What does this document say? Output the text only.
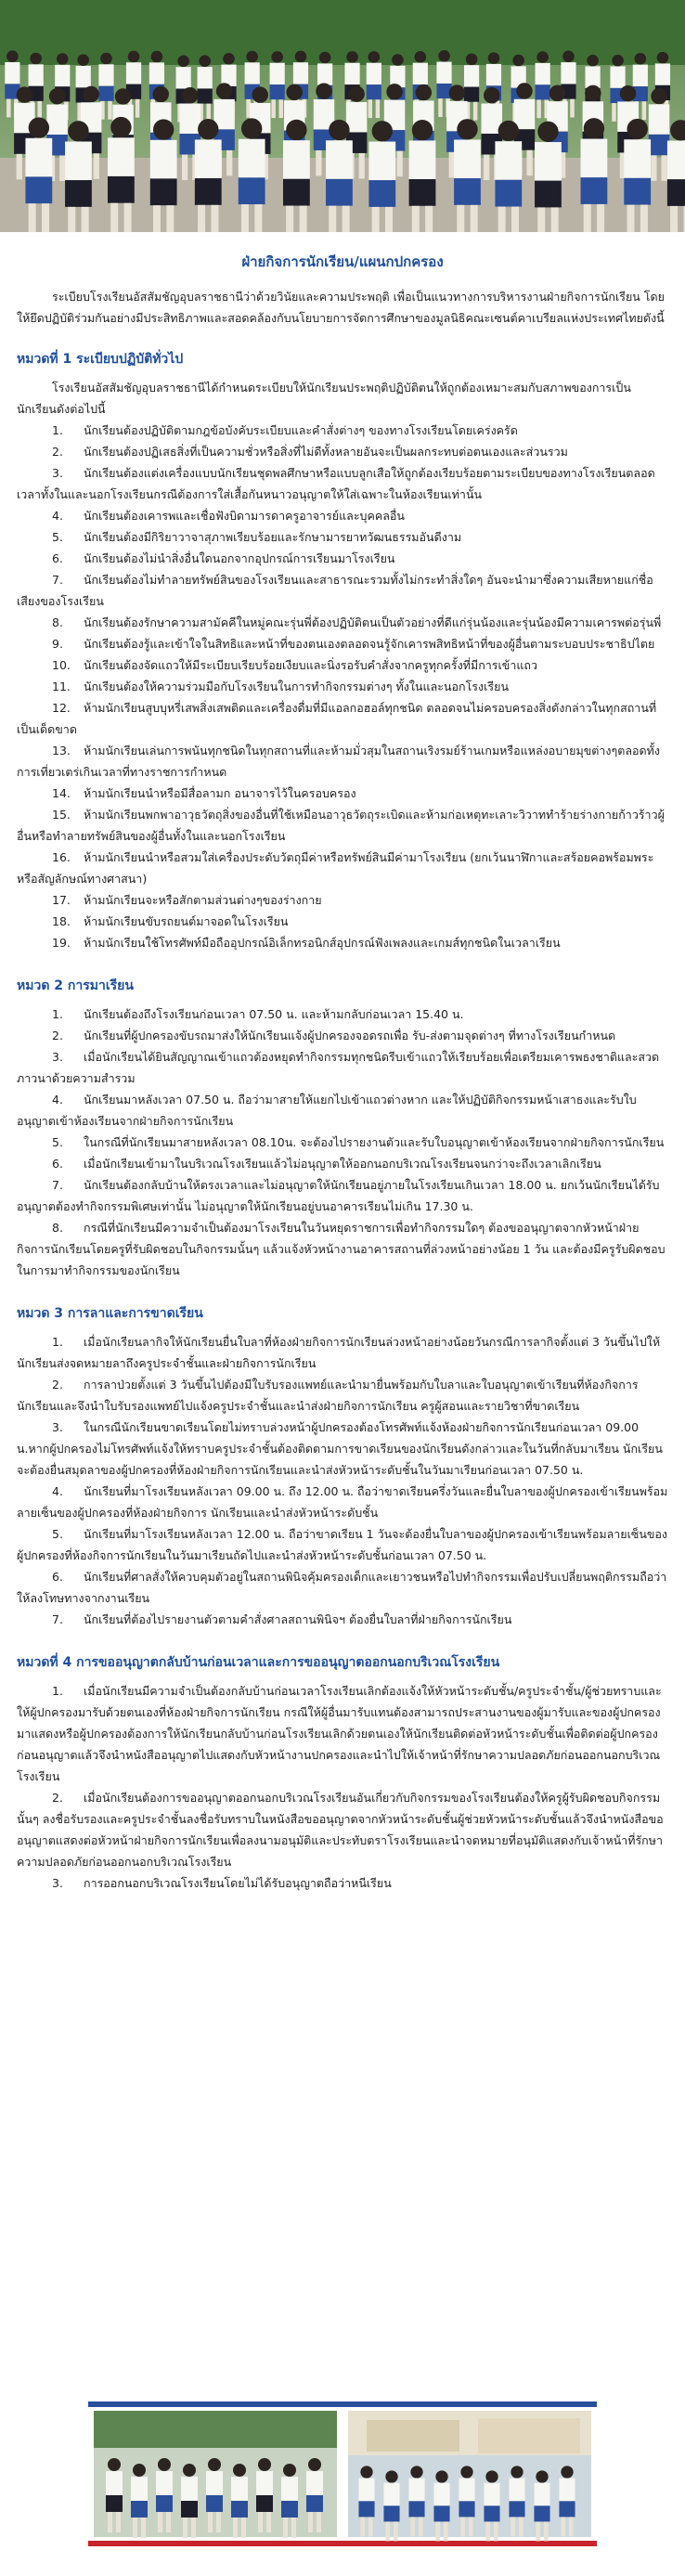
ฝ่ายกิจการนักเรียน/แผนกปกครอง

ระเบียบโรงเรียนอัสสัมชัญอุบลราชธานีว่าด้วยวินัยและความประพฤติ เพื่อเป็นแนวทางการบริหารงานฝ่ายกิจการนักเรียน โดยให้ยึดปฏิบัติร่วมกันอย่างมีประสิทธิภาพและสอดคล้องกับนโยบายการจัดการศึกษาของมูลนิธิคณะเซนต์คาเบรียลแห่งประเทศไทยดังนี้

หมวดที่ 1 ระเบียบปฏิบัติทั่วไป

โรงเรียนอัสสัมชัญอุบลราชธานีได้กำหนดระเบียบให้นักเรียนประพฤติปฏิบัติตนให้ถูกต้องเหมาะสมกับสภาพของการเป็นนักเรียนดังต่อไปนี้

1. นักเรียนต้องปฏิบัติตามกฎข้อบังคับระเบียบและคำสั่งต่างๆ ของทางโรงเรียนโดยเคร่งครัด
2. นักเรียนต้องปฏิเสธสิ่งที่เป็นความชั่วหรือสิ่งที่ไม่ดีทั้งหลายอันจะเป็นผลกระทบต่อตนเองและส่วนรวม
3. นักเรียนต้องแต่งเครื่องแบบนักเรียนชุดพลศึกษาหรือแบบลูกเสือให้ถูกต้องเรียบร้อยตามระเบียบของทางโรงเรียนตลอดเวลาทั้งในและนอกโรงเรียนกรณีต้องการใส่เสื้อกันหนาวอนุญาตให้ใส่เฉพาะในห้องเรียนเท่านั้น
4. นักเรียนต้องเคารพและเชื่อฟังบิดามารดาครูอาจารย์และบุคคลอื่น
5. นักเรียนต้องมีกิริยาวาจาสุภาพเรียบร้อยและรักษามารยาทวัฒนธรรมอันดีงาม
6. นักเรียนต้องไม่นำสิ่งอื่นใดนอกจากอุปกรณ์การเรียนมาโรงเรียน
7. นักเรียนต้องไม่ทำลายทรัพย์สินของโรงเรียนและสาธารณะรวมทั้งไม่กระทำสิ่งใดๆ อันจะนำมาซึ่งความเสียหายแก่ชื่อเสียงของโรงเรียน
8. นักเรียนต้องรักษาความสามัคคีในหมู่คณะรุ่นพี่ต้องปฏิบัติตนเป็นตัวอย่างที่ดีแก่รุ่นน้องและรุ่นน้องมีความเคารพต่อรุ่นพี่
9. นักเรียนต้องรู้และเข้าใจในสิทธิและหน้าที่ของตนเองตลอดจนรู้จักเคารพสิทธิหน้าที่ของผู้อื่นตามระบอบประชาธิปไตย
10. นักเรียนต้องจัดแถวให้มีระเบียบเรียบร้อยเงียบและนิ่งรอรับคำสั่งจากครูทุกครั้งที่มีการเข้าแถว
11. นักเรียนต้องให้ความร่วมมือกับโรงเรียนในการทำกิจกรรมต่างๆ ทั้งในและนอกโรงเรียน
12. ห้ามนักเรียนสูบบุหรี่เสพสิ่งเสพติดและเครื่องดื่มที่มีแอลกอฮอล์ทุกชนิด ตลอดจนไม่ครอบครองสิ่งดังกล่าวในทุกสถานที่เป็นเด็ดขาด
13. ห้ามนักเรียนเล่นการพนันทุกชนิดในทุกสถานที่และห้ามมั่วสุมในสถานเริงรมย์ร้านเกมหรือแหล่งอบายมุขต่างๆตลอดทั้งการเที่ยวเตร่เกินเวลาที่ทางราชการกำหนด
14. ห้ามนักเรียนนำหรือมีสื่อลามก อนาจารไว้ในครอบครอง
15. ห้ามนักเรียนพกพาอาวุธวัตถุสิ่งของอื่นที่ใช้เหมือนอาวุธวัตถุระเบิดและห้ามก่อเหตุทะเลาะวิวาททำร้ายร่างกายก้าวร้าวผู้อื่นหรือทำลายทรัพย์สินของผู้อื่นทั้งในและนอกโรงเรียน
16. ห้ามนักเรียนนำหรือสวมใส่เครื่องประดับวัตถุมีค่าหรือทรัพย์สินมีค่ามาโรงเรียน (ยกเว้นนาฬิกาและสร้อยคอพร้อมพระหรือสัญลักษณ์ทางศาสนา)
17. ห้ามนักเรียนจะหรือสักตามส่วนต่างๆของร่างกาย
18. ห้ามนักเรียนขับรถยนต์มาจอดในโรงเรียน
19. ห้ามนักเรียนใช้โทรศัพท์มือถืออุปกรณ์อิเล็กทรอนิกส์อุปกรณ์ฟังเพลงและเกมส์ทุกชนิดในเวลาเรียน
หมวด 2 การมาเรียน
1. นักเรียนต้องถึงโรงเรียนก่อนเวลา 07.50 น. และห้ามกลับก่อนเวลา 15.40 น.
2. นักเรียนที่ผู้ปกครองขับรถมาส่งให้นักเรียนแจ้งผู้ปกครองจอดรถเพื่อ รับ-ส่งตามจุดต่างๆ ที่ทางโรงเรียนกำหนด
3. เมื่อนักเรียนได้ยินสัญญาณเข้าแถวต้องหยุดทำกิจกรรมทุกชนิดรีบเข้าแถวให้เรียบร้อยเพื่อเตรียมเคารพธงชาติและสวดภาวนาด้วยความสำรวม
4. นักเรียนมาหลังเวลา 07.50 น. ถือว่ามาสายให้แยกไปเข้าแถวต่างหาก และให้ปฏิบัติกิจกรรมหน้าเสาธงและรับใบอนุญาตเข้าห้องเรียนจากฝ่ายกิจการนักเรียน
5. ในกรณีที่นักเรียนมาสายหลังเวลา 08.10น. จะต้องไปรายงานตัวและรับใบอนุญาตเข้าห้องเรียนจากฝ่ายกิจการนักเรียน
6. เมื่อนักเรียนเข้ามาในบริเวณโรงเรียนแล้วไม่อนุญาตให้ออกนอกบริเวณโรงเรียนจนกว่าจะถึงเวลาเลิกเรียน
7. นักเรียนต้องกลับบ้านให้ตรงเวลาและไม่อนุญาตให้นักเรียนอยู่ภายในโรงเรียนเกินเวลา 18.00 น. ยกเว้นนักเรียนได้รับอนุญาตต้องทำกิจกรรมพิเศษเท่านั้น ไม่อนุญาตให้นักเรียนอยู่บนอาคารเรียนไม่เกิน 17.30 น.
8. กรณีที่นักเรียนมีความจำเป็นต้องมาโรงเรียนในวันหยุดราชการเพื่อทำกิจกรรมใดๆ ต้องขออนุญาตจากหัวหน้าฝ่ายกิจการนักเรียนโดยครูที่รับผิดชอบในกิจกรรมนั้นๆ แล้วแจ้งหัวหน้างานอาคารสถานที่ล่วงหน้าอย่างน้อย 1 วัน และต้องมีครูรับผิดชอบในการมาทำกิจกรรมของนักเรียน
หมวด 3 การลาและการขาดเรียน
1. เมื่อนักเรียนลากิจให้นักเรียนยื่นใบลาที่ห้องฝ่ายกิจการนักเรียนล่วงหน้าอย่างน้อยวันกรณีการลากิจตั้งแต่ 3 วันขึ้นไปให้นักเรียนส่งจดหมายลาถึงครูประจำชั้นและฝ่ายกิจการนักเรียน
2. การลาป่วยตั้งแต่ 3 วันขึ้นไปต้องมีใบรับรองแพทย์และนำมายื่นพร้อมกับใบลาและใบอนุญาตเข้าเรียนที่ห้องกิจการนักเรียนและจึงนำใบรับรองแพทย์ไปแจ้งครูประจำชั้นและนำส่งฝ่ายกิจการนักเรียน ครูผู้สอนและรายวิชาที่ขาดเรียน
3. ในกรณีนักเรียนขาดเรียนโดยไม่ทราบล่วงหน้าผู้ปกครองต้องโทรศัพท์แจ้งห้องฝ่ายกิจการนักเรียนก่อนเวลา 09.00 น.หากผู้ปกครองไม่โทรศัพท์แจ้งให้ทราบครูประจำชั้นต้องติดตามการขาดเรียนของนักเรียนดังกล่าวและในวันที่กลับมาเรียน นักเรียนจะต้องยื่นสมุดลาของผู้ปกครองที่ห้องฝ่ายกิจการนักเรียนและนำส่งหัวหน้าระดับชั้นในวันมาเรียนก่อนเวลา 07.50 น.
4. นักเรียนที่มาโรงเรียนหลังเวลา 09.00 น. ถึง 12.00 น. ถือว่าขาดเรียนครึ่งวันและยื่นใบลาของผู้ปกครองเข้าเรียนพร้อมลายเซ็นของผู้ปกครองที่ห้องฝ่ายกิจการ นักเรียนและนำส่งหัวหน้าระดับชั้น
5. นักเรียนที่มาโรงเรียนหลังเวลา 12.00 น. ถือว่าขาดเรียน 1 วันจะต้องยื่นใบลาของผู้ปกครองเข้าเรียนพร้อมลายเซ็นของผู้ปกครองที่ห้องกิจการนักเรียนในวันมาเรียนถัดไปและนำส่งหัวหน้าระดับชั้นก่อนเวลา 07.50 น.
6. นักเรียนที่ศาลสั่งให้ควบคุมตัวอยู่ในสถานพินิจคุ้มครองเด็กและเยาวชนหรือไปทำกิจกรรมเพื่อปรับเปลี่ยนพฤติกรรมถือว่าให้ลงโทษทางจากงานเรียน
7. นักเรียนที่ต้องไปรายงานตัวตามคำสั่งศาลสถานพินิจฯ ต้องยื่นใบลาที่ฝ่ายกิจการนักเรียน
หมวดที่ 4 การขออนุญาตกลับบ้านก่อนเวลาและการขออนุญาตออกนอกบริเวณโรงเรียน
1. เมื่อนักเรียนมีความจำเป็นต้องกลับบ้านก่อนเวลาโรงเรียนเลิกต้องแจ้งให้หัวหน้าระดับชั้น/ครูประจำชั้น/ผู้ช่วยทราบและให้ผู้ปกครองมารับด้วยตนเองที่ห้องฝ่ายกิจการนักเรียน กรณีให้ผู้อื่นมารับแทนต้องสามารถประสานงานของผู้มารับและของผู้ปกครองมาแสดงหรือผู้ปกครองต้องการให้นักเรียนกลับบ้านก่อนโรงเรียนเลิกด้วยตนเองให้นักเรียนติดต่อหัวหน้าระดับชั้นเพื่อติดต่อผู้ปกครองก่อนอนุญาตแล้วจึงนำหนังสืออนุญาตไปแสดงกับหัวหน้างานปกครองและนำไปให้เจ้าหน้าที่รักษาความปลอดภัยก่อนออกนอกบริเวณโรงเรียน
2. เมื่อนักเรียนต้องการขออนุญาตออกนอกบริเวณโรงเรียนอันเกี่ยวกับกิจกรรมของโรงเรียนต้องให้ครูผู้รับผิดชอบกิจกรรมนั้นๆ ลงชื่อรับรองและครูประจำชั้นลงชื่อรับทราบในหนังสือขออนุญาตจากหัวหน้าระดับชั้นผู้ช่วยหัวหน้าระดับชั้นแล้วจึงนำหนังสือขออนุญาตแสดงต่อหัวหน้าฝ่ายกิจการนักเรียนเพื่อลงนามอนุมัติและประทับตราโรงเรียนและนำจดหมายที่อนุมัติแสดงกับเจ้าหน้าที่รักษาความปลอดภัยก่อนออกนอกบริเวณโรงเรียน
3. การออกนอกบริเวณโรงเรียนโดยไม่ได้รับอนุญาตถือว่าหนีเรียน
